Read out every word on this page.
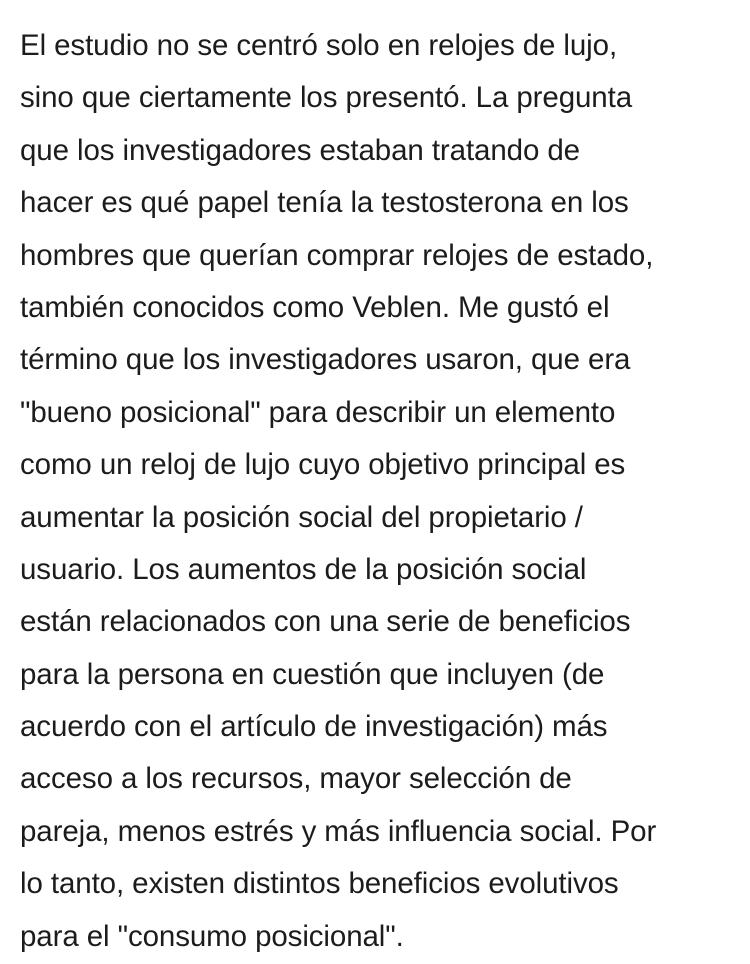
El estudio no se centró solo en relojes de lujo,
sino que ciertamente los presentó. La pregunta
que los investigadores estaban tratando de
hacer es qué papel tenía la testosterona en los
hombres que querían comprar relojes de estado,
también conocidos como Veblen. Me gustó el
término que los investigadores usaron, que era
"bueno posicional" para describir un elemento
como un reloj de lujo cuyo objetivo principal es
aumentar la posición social del propietario /
usuario. Los aumentos de la posición social
están relacionados con una serie de beneficios
para la persona en cuestión que incluyen (de
acuerdo con el artículo de investigación) más
acceso a los recursos, mayor selección de
pareja, menos estrés y más influencia social. Por
lo tanto, existen distintos beneficios evolutivos
para el "consumo posicional".
